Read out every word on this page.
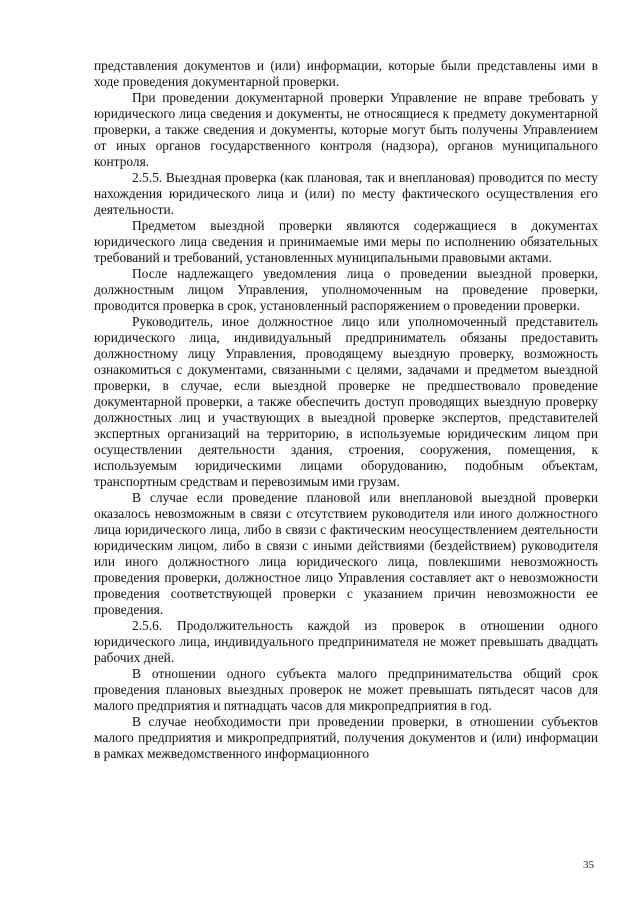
представления документов и (или) информации, которые были представлены ими в ходе проведения документарной проверки.

При проведении документарной проверки Управление не вправе требовать у юридического лица сведения и документы, не относящиеся к предмету документарной проверки, а также сведения и документы, которые могут быть получены Управлением от иных органов государственного контроля (надзора), органов муниципального контроля.

2.5.5. Выездная проверка (как плановая, так и внеплановая) проводится по месту нахождения юридического лица и (или) по месту фактического осуществления его деятельности.

Предметом выездной проверки являются содержащиеся в документах юридического лица сведения и принимаемые ими меры по исполнению обязательных требований и требований, установленных муниципальными правовыми актами.

После надлежащего уведомления лица о проведении выездной проверки, должностным лицом Управления, уполномоченным на проведение проверки, проводится проверка в срок, установленный распоряжением о проведении проверки.

Руководитель, иное должностное лицо или уполномоченный представитель юридического лица, индивидуальный предприниматель обязаны предоставить должностному лицу Управления, проводящему выездную проверку, возможность ознакомиться с документами, связанными с целями, задачами и предметом выездной проверки, в случае, если выездной проверке не предшествовало проведение документарной проверки, а также обеспечить доступ проводящих выездную проверку должностных лиц и участвующих в выездной проверке экспертов, представителей экспертных организаций на территорию, в используемые юридическим лицом при осуществлении деятельности здания, строения, сооружения, помещения, к используемым юридическими лицами оборудованию, подобным объектам, транспортным средствам и перевозимым ими грузам.

В случае если проведение плановой или внеплановой выездной проверки оказалось невозможным в связи с отсутствием руководителя или иного должностного лица юридического лица, либо в связи с фактическим неосуществлением деятельности юридическим лицом, либо в связи с иными действиями (бездействием) руководителя или иного должностного лица юридического лица, повлекшими невозможность проведения проверки, должностное лицо Управления составляет акт о невозможности проведения соответствующей проверки с указанием причин невозможности ее проведения.

2.5.6. Продолжительность каждой из проверок в отношении одного юридического лица, индивидуального предпринимателя не может превышать двадцать рабочих дней.

В отношении одного субъекта малого предпринимательства общий срок проведения плановых выездных проверок не может превышать пятьдесят часов для малого предприятия и пятнадцать часов для микропредприятия в год.

В случае необходимости при проведении проверки, в отношении субъектов малого предприятия и микропредприятий, получения документов и (или) информации в рамках межведомственного информационного

35
